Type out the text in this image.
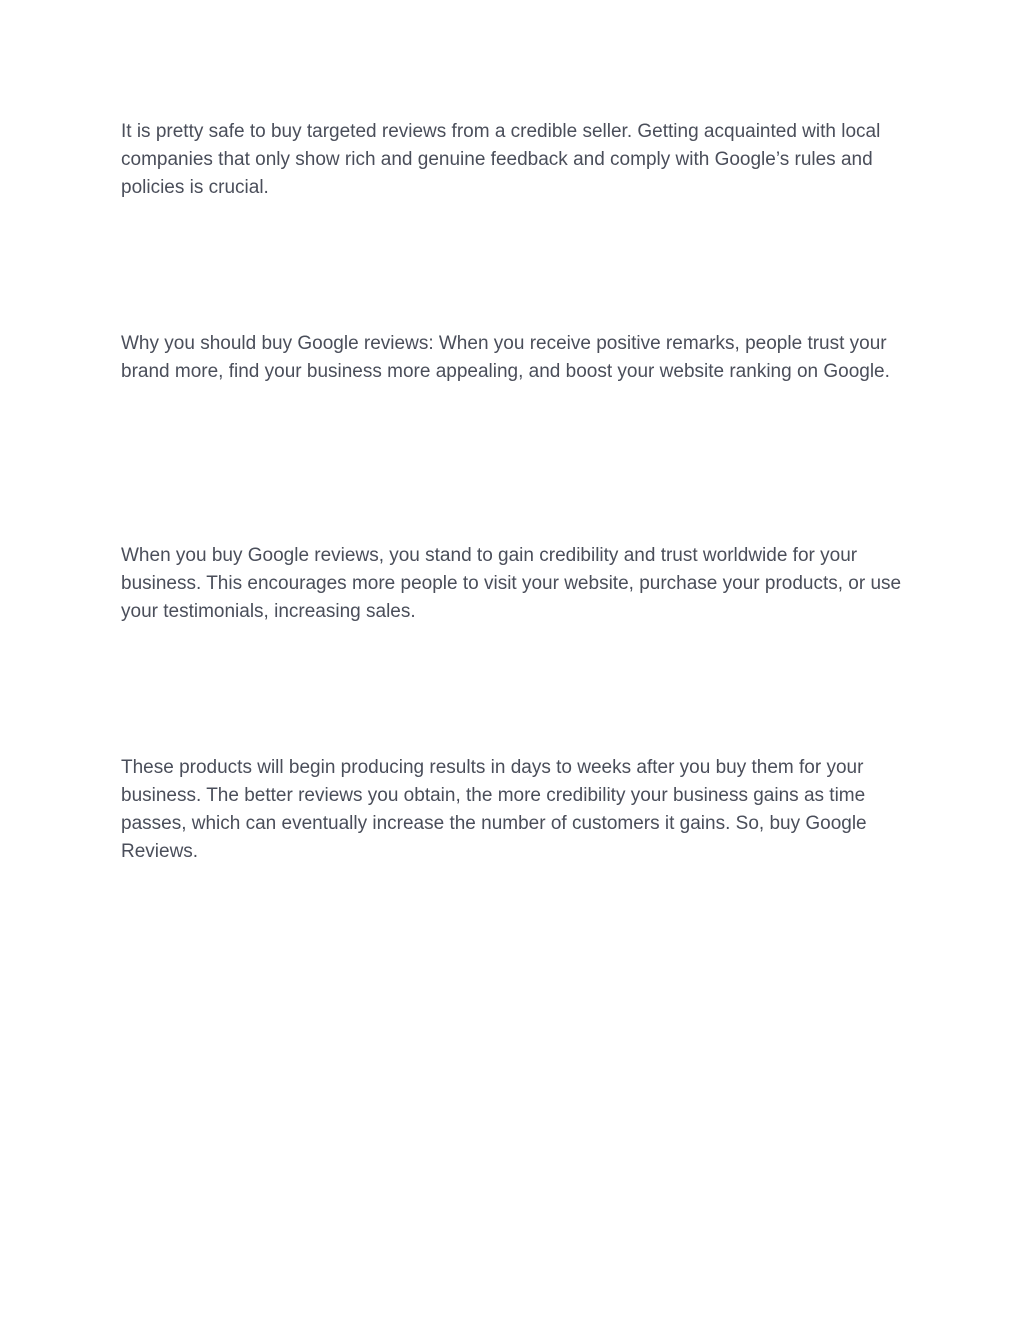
It is pretty safe to buy targeted reviews from a credible seller. Getting acquainted with local companies that only show rich and genuine feedback and comply with Google’s rules and policies is crucial.

Why you should buy Google reviews: When you receive positive remarks, people trust your brand more, find your business more appealing, and boost your website ranking on Google.

When you buy Google reviews, you stand to gain credibility and trust worldwide for your business. This encourages more people to visit your website, purchase your products, or use your testimonials, increasing sales.

These products will begin producing results in days to weeks after you buy them for your business. The better reviews you obtain, the more credibility your business gains as time passes, which can eventually increase the number of customers it gains. So, buy Google Reviews.
